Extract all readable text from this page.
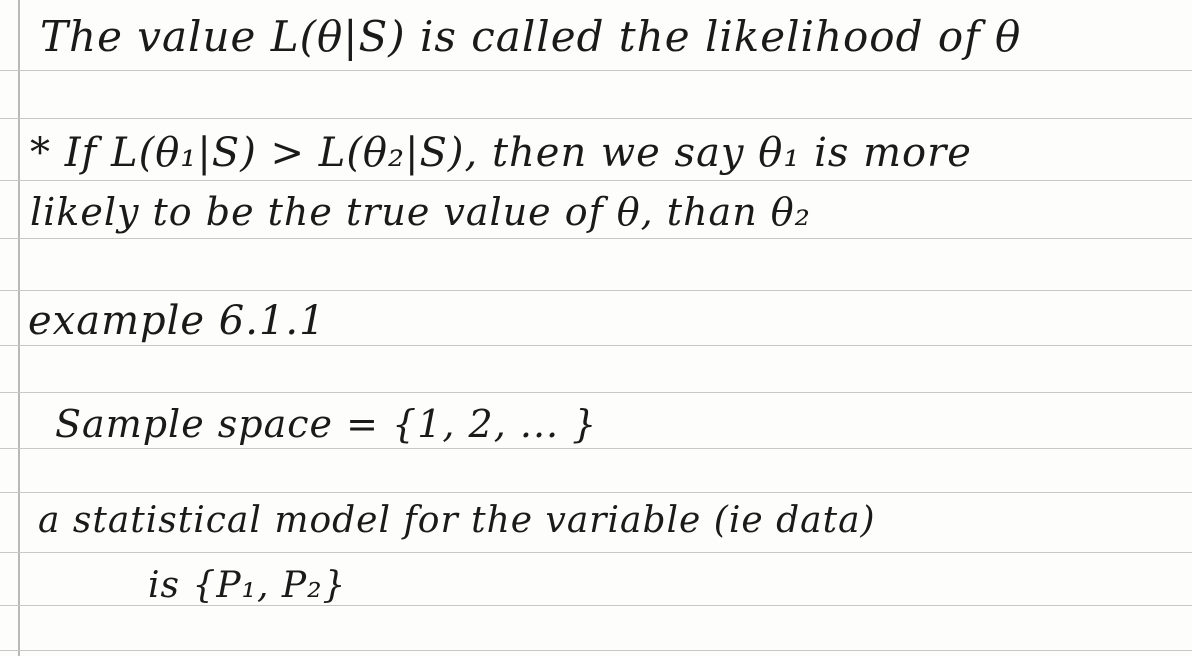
The value L(θ|S) is called the likelihood of θ
* If L(θ₁|S) > L(θ₂|S), then we say θ₁ is more
likely to be the true value of θ, than θ₂
example 6.1.1
Sample space = {1, 2, ... }
a statistical model for the variable (ie data)
is {P₁, P₂}
